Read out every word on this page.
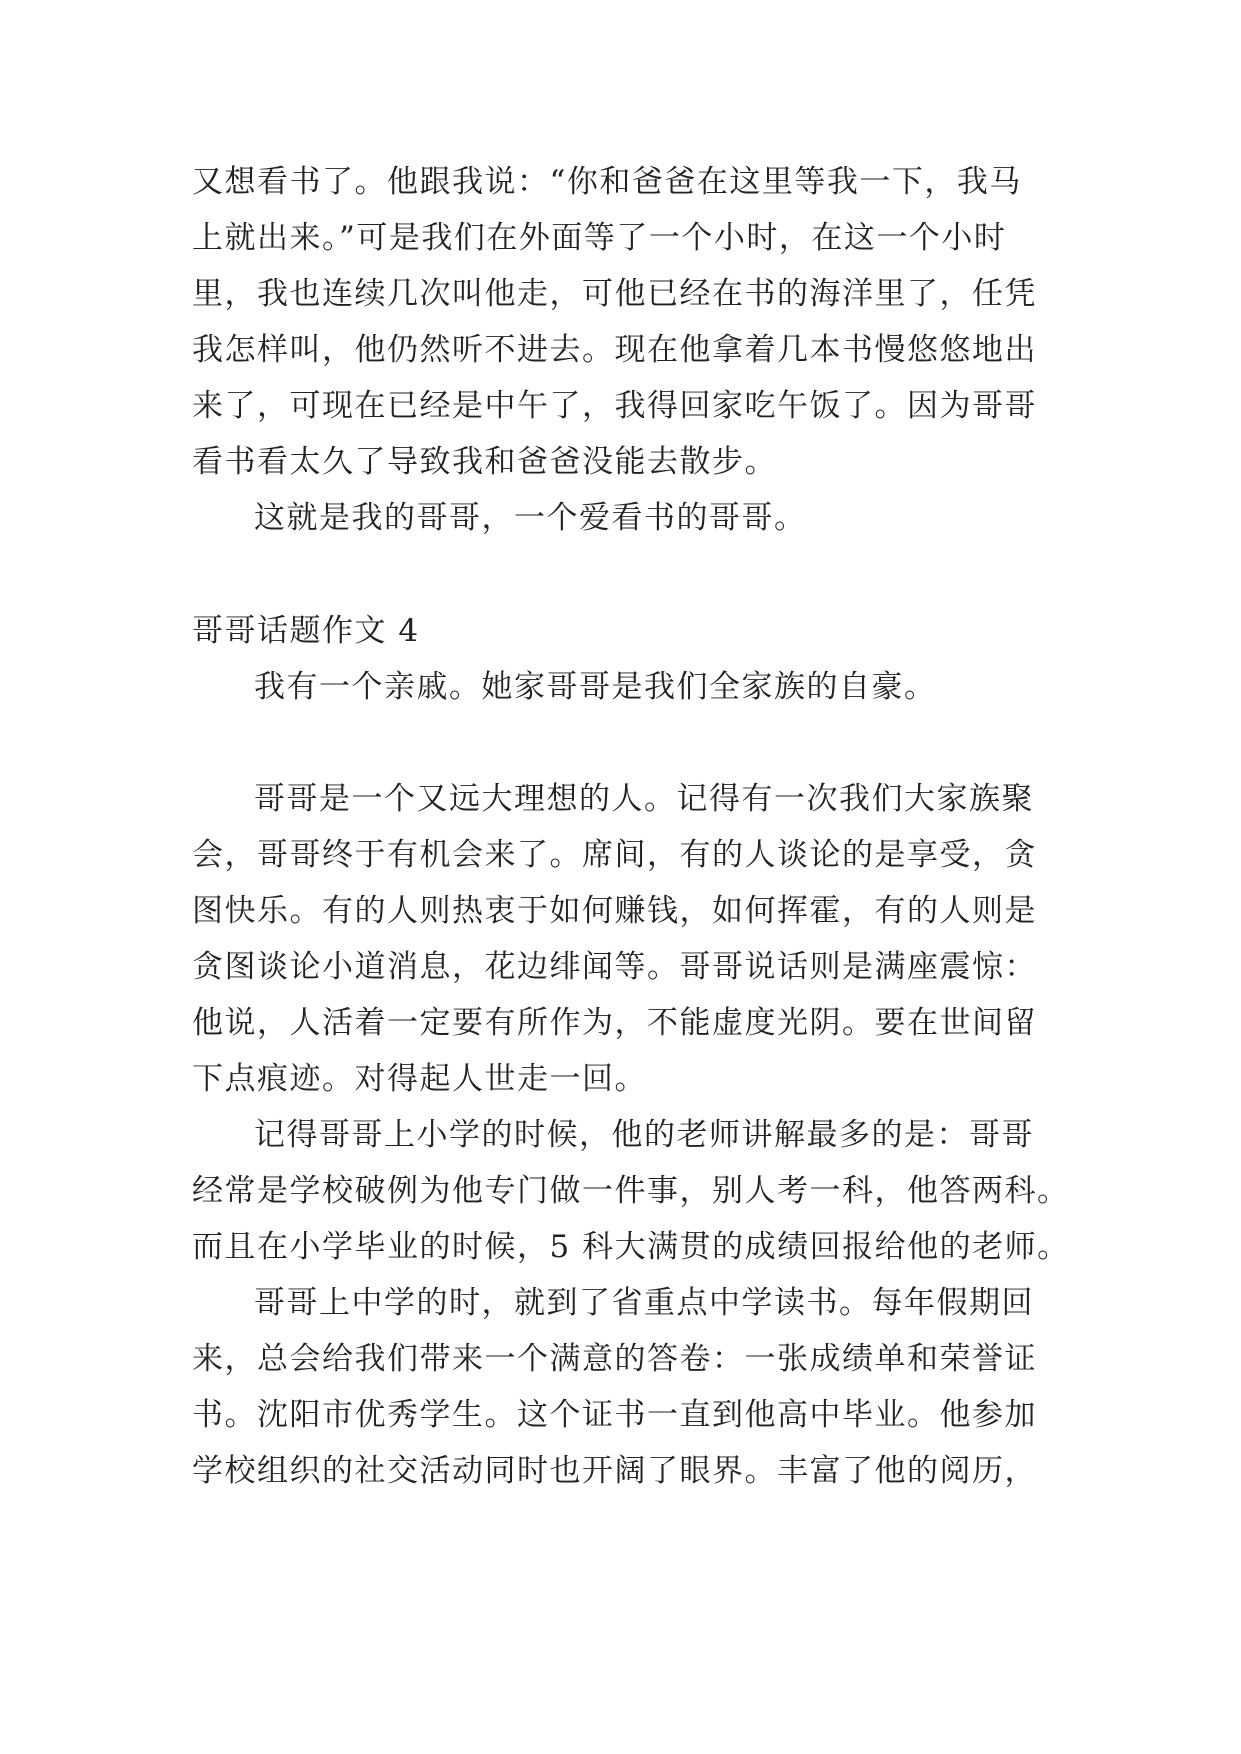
又想看书了。他跟我说：“你和爸爸在这里等我一下，我马
上就出来。”可是我们在外面等了一个小时，在这一个小时
里，我也连续几次叫他走，可他已经在书的海洋里了，任凭
我怎样叫，他仍然听不进去。现在他拿着几本书慢悠悠地出
来了，可现在已经是中午了，我得回家吃午饭了。因为哥哥
看书看太久了导致我和爸爸没能去散步。
这就是我的哥哥，一个爱看书的哥哥。
哥哥话题作文 4
我有一个亲戚。她家哥哥是我们全家族的自豪。
哥哥是一个又远大理想的人。记得有一次我们大家族聚
会，哥哥终于有机会来了。席间，有的人谈论的是享受，贪
图快乐。有的人则热衷于如何赚钱，如何挥霍，有的人则是
贪图谈论小道消息，花边绯闻等。哥哥说话则是满座震惊：
他说，人活着一定要有所作为，不能虚度光阴。要在世间留
下点痕迹。对得起人世走一回。
记得哥哥上小学的时候，他的老师讲解最多的是：哥哥
经常是学校破例为他专门做一件事，别人考一科，他答两科。
而且在小学毕业的时候，5 科大满贯的成绩回报给他的老师。
哥哥上中学的时，就到了省重点中学读书。每年假期回
来，总会给我们带来一个满意的答卷：一张成绩单和荣誉证
书。沈阳市优秀学生。这个证书一直到他高中毕业。他参加
学校组织的社交活动同时也开阔了眼界。丰富了他的阅历，
